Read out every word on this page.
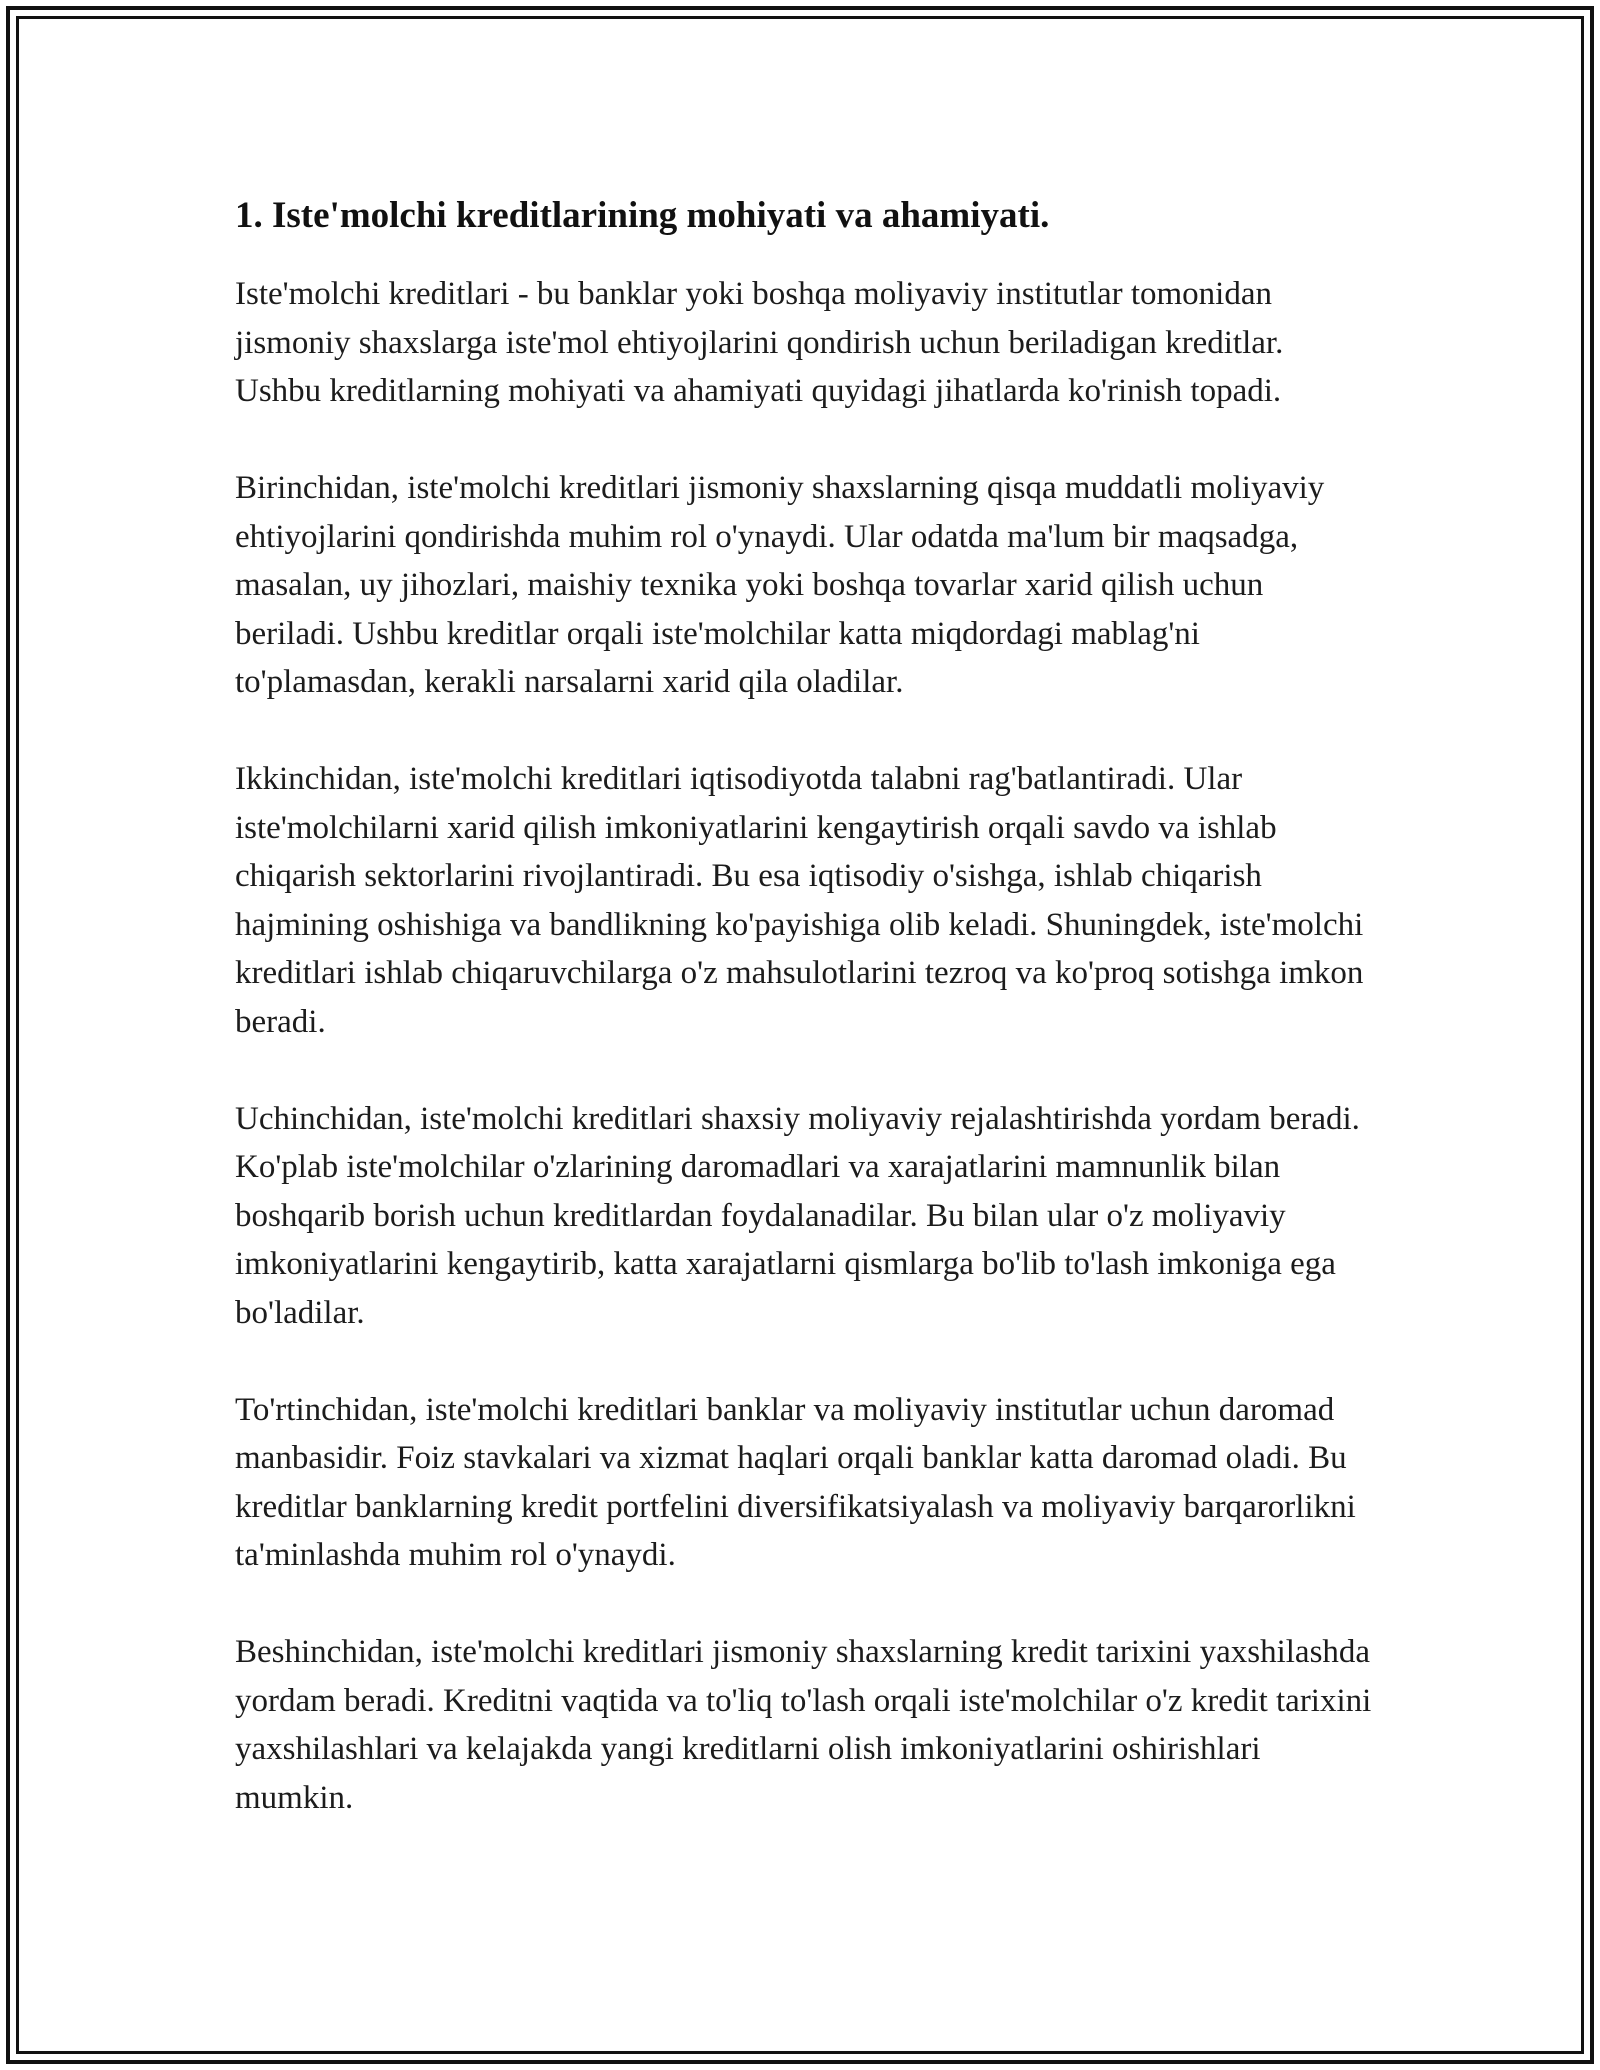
1. Iste'molchi kreditlarining mohiyati va ahamiyati.

Iste'molchi kreditlari - bu banklar yoki boshqa moliyaviy institutlar tomonidan jismoniy shaxslarga iste'mol ehtiyojlarini qondirish uchun beriladigan kreditlar. Ushbu kreditlarning mohiyati va ahamiyati quyidagi jihatlarda ko'rinish topadi.

Birinchidan, iste'molchi kreditlari jismoniy shaxslarning qisqa muddatli moliyaviy ehtiyojlarini qondirishda muhim rol o'ynaydi. Ular odatda ma'lum bir maqsadga, masalan, uy jihozlari, maishiy texnika yoki boshqa tovarlar xarid qilish uchun beriladi. Ushbu kreditlar orqali iste'molchilar katta miqdordagi mablag'ni to'plamasdan, kerakli narsalarni xarid qila oladilar.

Ikkinchidan, iste'molchi kreditlari iqtisodiyotda talabni rag'batlantiradi. Ular iste'molchilarni xarid qilish imkoniyatlarini kengaytirish orqali savdo va ishlab chiqarish sektorlarini rivojlantiradi. Bu esa iqtisodiy o'sishga, ishlab chiqarish hajmining oshishiga va bandlikning ko'payishiga olib keladi. Shuningdek, iste'molchi kreditlari ishlab chiqaruvchilarga o'z mahsulotlarini tezroq va ko'proq sotishga imkon beradi.

Uchinchidan, iste'molchi kreditlari shaxsiy moliyaviy rejalashtirishda yordam beradi. Ko'plab iste'molchilar o'zlarining daromadlari va xarajatlarini mamnunlik bilan boshqarib borish uchun kreditlardan foydalanadilar. Bu bilan ular o'z moliyaviy imkoniyatlarini kengaytirib, katta xarajatlarni qismlarga bo'lib to'lash imkoniga ega bo'ladilar.

To'rtinchidan, iste'molchi kreditlari banklar va moliyaviy institutlar uchun daromad manbasidir. Foiz stavkalari va xizmat haqlari orqali banklar katta daromad oladi. Bu kreditlar banklarning kredit portfelini diversifikatsiyalash va moliyaviy barqarorlikni ta'minlashda muhim rol o'ynaydi.

Beshinchidan, iste'molchi kreditlari jismoniy shaxslarning kredit tarixini yaxshilashda yordam beradi. Kreditni vaqtida va to'liq to'lash orqali iste'molchilar o'z kredit tarixini yaxshilashlari va kelajakda yangi kreditlarni olish imkoniyatlarini oshirishlari mumkin.
